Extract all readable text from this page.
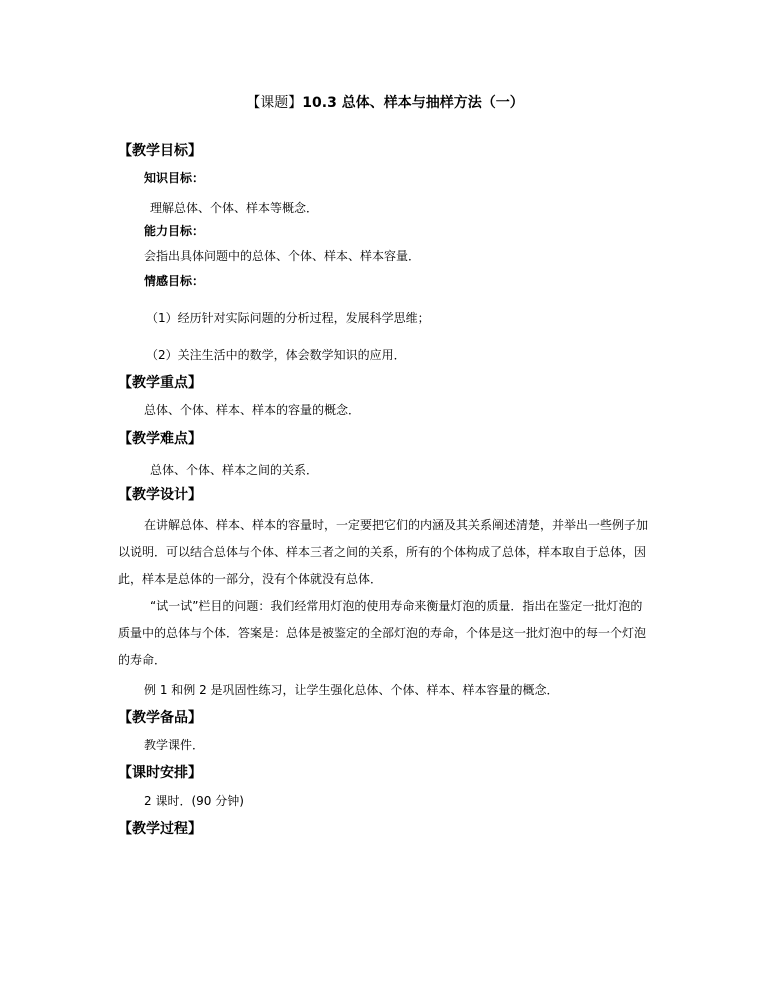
【课题】10.3 总体、样本与抽样方法（一）
【教学目标】
知识目标：
理解总体、个体、样本等概念．
能力目标：
会指出具体问题中的总体、个体、样本、样本容量．
情感目标：
（1）经历针对实际问题的分析过程，发展科学思维；
（2）关注生活中的数学，体会数学知识的应用．
【教学重点】
总体、个体、样本、样本的容量的概念．
【教学难点】
总体、个体、样本之间的关系．
【教学设计】

在讲解总体、样本、样本的容量时，一定要把它们的内涵及其关系阐述清楚，并举出一些例子加以说明．可以结合总体与个体、样本三者之间的关系，所有的个体构成了总体，样本取自于总体，因此，样本是总体的一部分，没有个体就没有总体．

“试一试”栏目的问题：我们经常用灯泡的使用寿命来衡量灯泡的质量．指出在鉴定一批灯泡的质量中的总体与个体．答案是：总体是被鉴定的全部灯泡的寿命，个体是这一批灯泡中的每一个灯泡的寿命．

例 1 和例 2 是巩固性练习，让学生强化总体、个体、样本、样本容量的概念．
【教学备品】
教学课件．
【课时安排】
2 课时．(90 分钟)
【教学过程】
